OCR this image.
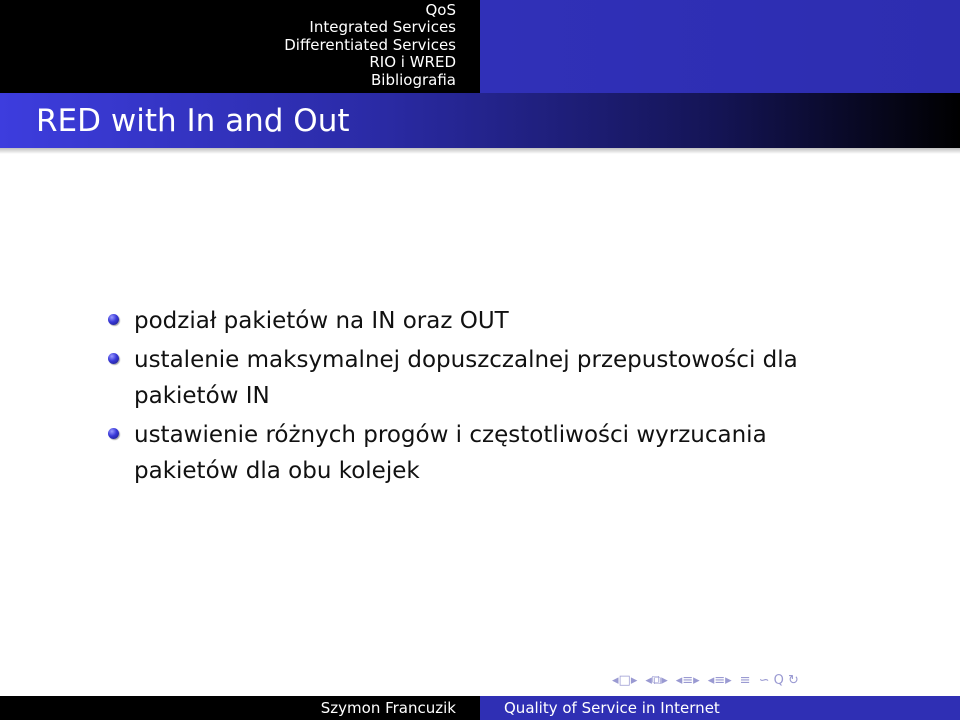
QoS
Integrated Services
Differentiated Services
RIO i WRED
Bibliografia
RED with In and Out
podział pakietów na IN oraz OUT
ustalenie maksymalnej dopuszczalnej przepustowości dla pakietów IN
ustawienie różnych progów i częstotliwości wyrzucania pakietów dla obu kolejek
◂ □ ▸ ◂ ⧉ ▸ ◂ ≡ ▸ ◂ ≡ ▸ ≡ ∽ Q ↻
Szymon Francuzik	Quality of Service in Internet
